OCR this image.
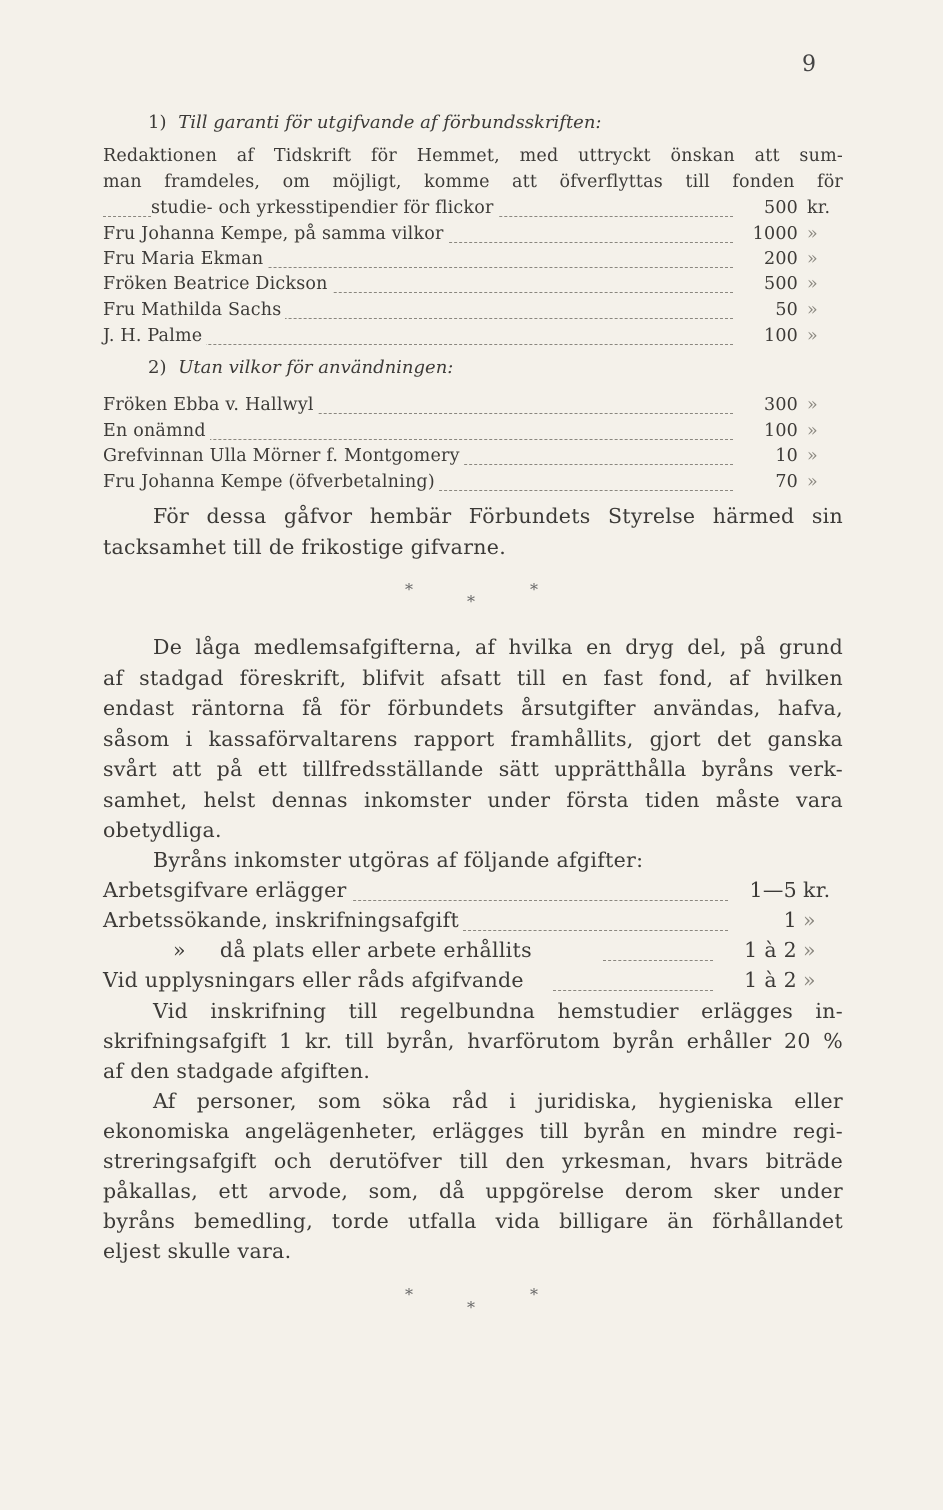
9
1) Till garanti för utgifvande af förbundsskriften:
Redaktionen af Tidskrift för Hemmet, med uttryckt önskan att sum-
man framdeles, om möjligt, komme att öfverflyttas till fonden för
studie- och yrkesstipendier för flickor	500 kr.
Fru Johanna Kempe, på samma vilkor	1000 »
Fru Maria Ekman	200 »
Fröken Beatrice Dickson	500 »
Fru Mathilda Sachs	50 »
J. H. Palme	100 »
2) Utan vilkor för användningen:
Fröken Ebba v. Hallwyl	300 »
En onämnd	100 »
Grefvinnan Ulla Mörner f. Montgomery	10 »
Fru Johanna Kempe (öfverbetalning)	70 »
För dessa gåfvor hembär Förbundets Styrelse härmed sin
tacksamhet till de frikostige gifvarne.
*
*
*
De låga medlemsafgifterna, af hvilka en dryg del, på grund
af stadgad föreskrift, blifvit afsatt till en fast fond, af hvilken
endast räntorna få för förbundets årsutgifter användas, hafva,
såsom i kassaförvaltarens rapport framhållits, gjort det ganska
svårt att på ett tillfredsställande sätt upprätthålla byråns verk-
samhet, helst dennas inkomster under första tiden måste vara
obetydliga.
Byråns inkomster utgöras af följande afgifter:
Arbetsgifvare erlägger	1—5 kr.
Arbetssökande, inskrifningsafgift	1 »
»     då plats eller arbete erhållits	1 à 2 »
Vid upplysningars eller råds afgifvande	1 à 2 »
Vid inskrifning till regelbundna hemstudier erlägges in-
skrifningsafgift 1 kr. till byrån, hvarförutom byrån erhåller 20 %
af den stadgade afgiften.
Af personer, som söka råd i juridiska, hygieniska eller
ekonomiska angelägenheter, erlägges till byrån en mindre regi-
streringsafgift och derutöfver till den yrkesman, hvars biträde
påkallas, ett arvode, som, då uppgörelse derom sker under
byråns bemedling, torde utfalla vida billigare än förhållandet
eljest skulle vara.
*
*
*
